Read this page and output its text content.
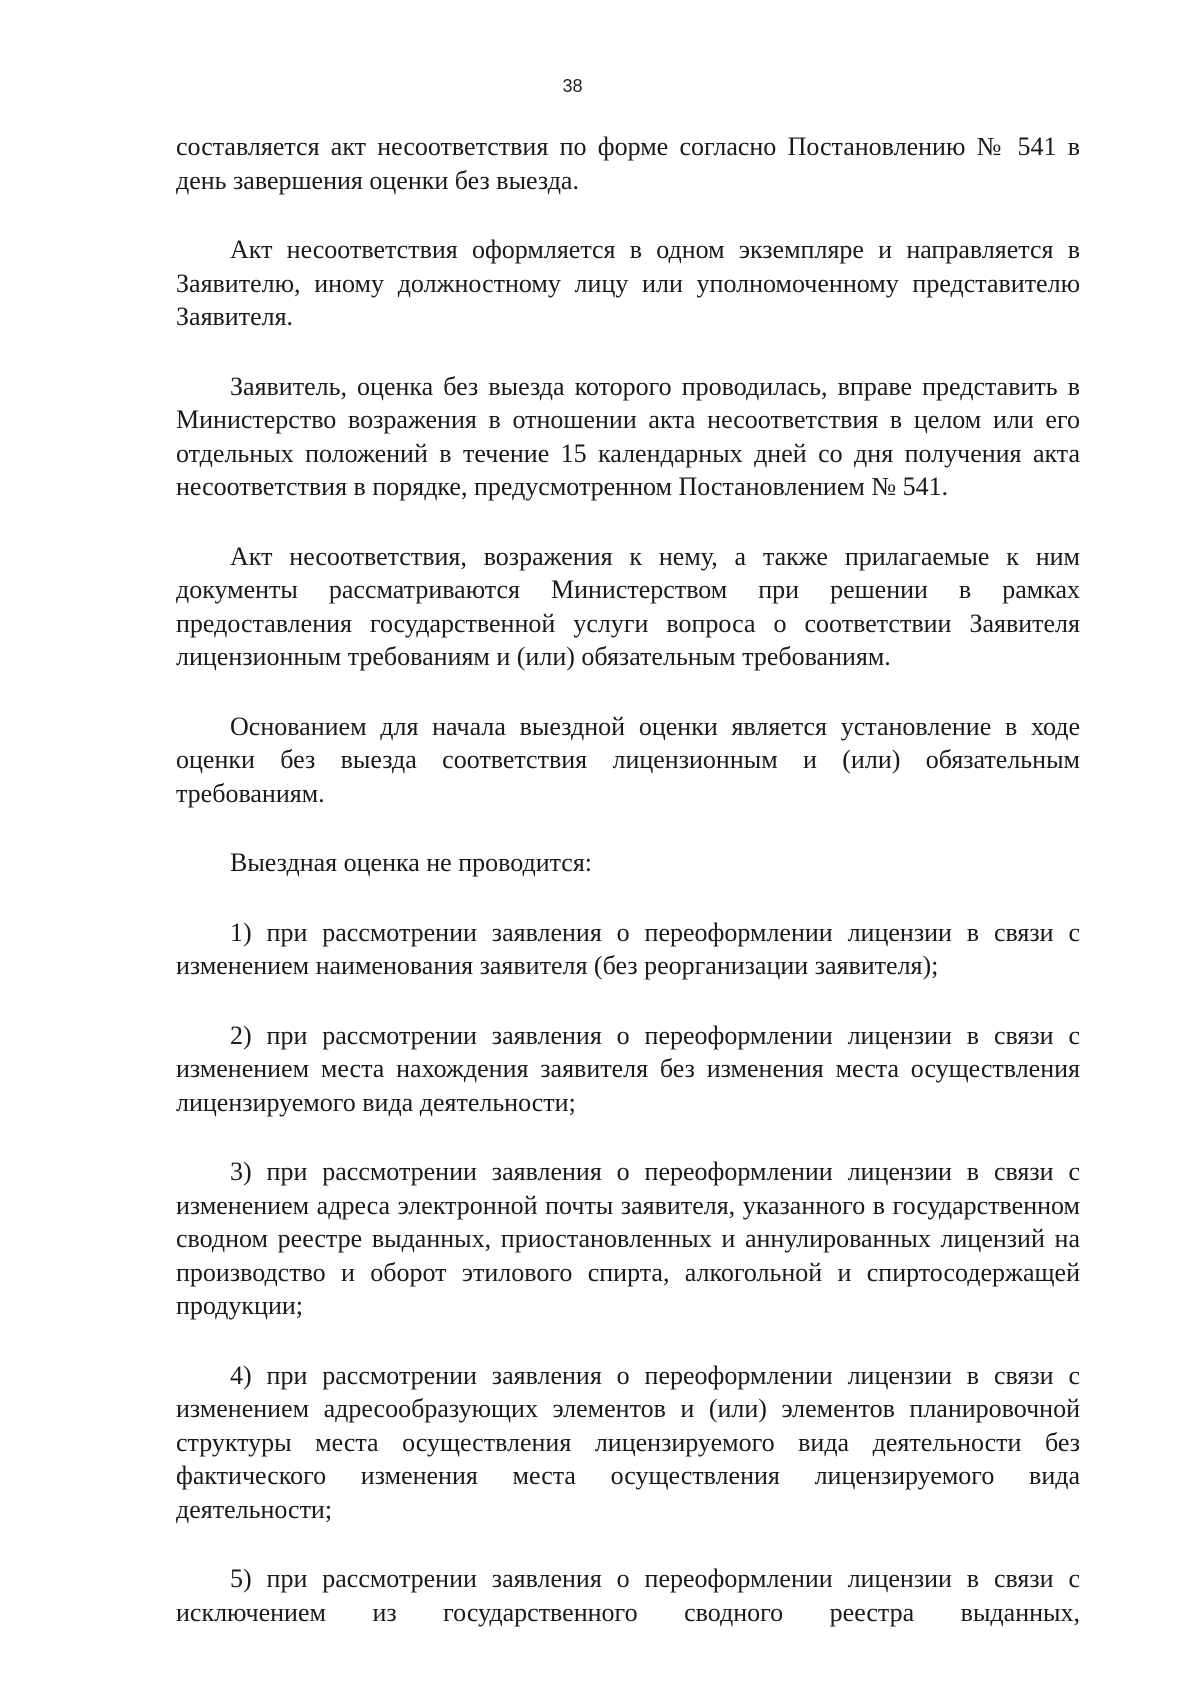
38

составляется акт несоответствия по форме согласно Постановлению № 541 в день завершения оценки без выезда.

Акт несоответствия оформляется в одном экземпляре и направляется в Заявителю, иному должностному лицу или уполномоченному представителю Заявителя.

Заявитель, оценка без выезда которого проводилась, вправе представить в Министерство возражения в отношении акта несоответствия в целом или его отдельных положений в течение 15 календарных дней со дня получения акта несоответствия в порядке, предусмотренном Постановлением № 541.

Акт несоответствия, возражения к нему, а также прилагаемые к ним документы рассматриваются Министерством при решении в рамках предоставления государственной услуги вопроса о соответствии Заявителя лицензионным требованиям и (или) обязательным требованиям.

Основанием для начала выездной оценки является установление в ходе оценки без выезда соответствия лицензионным и (или) обязательным требованиям.

Выездная оценка не проводится:

1) при рассмотрении заявления о переоформлении лицензии в связи с изменением наименования заявителя (без реорганизации заявителя);

2) при рассмотрении заявления о переоформлении лицензии в связи с изменением места нахождения заявителя без изменения места осуществления лицензируемого вида деятельности;

3) при рассмотрении заявления о переоформлении лицензии в связи с изменением адреса электронной почты заявителя, указанного в государственном сводном реестре выданных, приостановленных и аннулированных лицензий на производство и оборот этилового спирта, алкогольной и спиртосодержащей продукции;

4) при рассмотрении заявления о переоформлении лицензии в связи с изменением адресообразующих элементов и (или) элементов планировочной структуры места осуществления лицензируемого вида деятельности без фактического изменения места осуществления лицензируемого вида деятельности;

5) при рассмотрении заявления о переоформлении лицензии в связи с исключением из государственного сводного реестра выданных,
